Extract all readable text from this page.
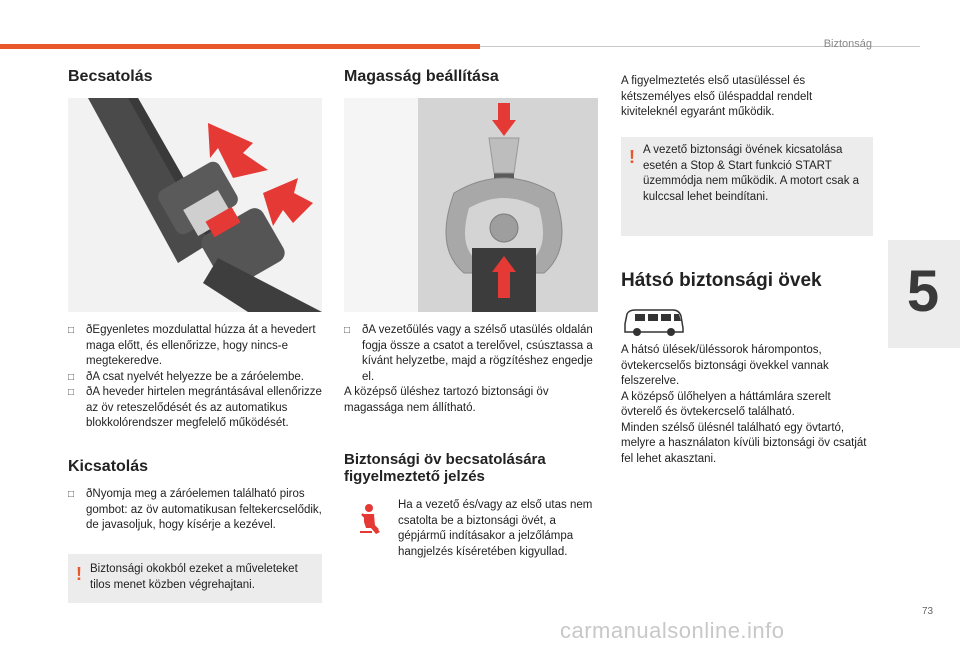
Biztonság
5
Becsatolás
ð □ Egyenletes mozdulattal húzza át a hevedert maga előtt, és ellenőrizze, hogy nincs-e megtekeredve.
ð □ A csat nyelvét helyezze be a záróelembe.
ð □ A heveder hirtelen megrántásával ellenőrizze az öv reteszelődését és az automatikus blokkolórendszer megfelelő működését.
Kicsatolás
ð □ Nyomja meg a záróelemen található piros gombot: az öv automatikusan feltekercselődik, de javasoljuk, hogy kísérje a kezével.
! Biztonsági okokból ezeket a műveleteket tilos menet közben végrehajtani.

Magasság beállítása
ð □ A vezetőülés vagy a szélső utasülés oldalán fogja össze a csatot a terelővel, csúsztassa a kívánt helyzetbe, majd a rögzítéshez engedje el.

A középső üléshez tartozó biztonsági öv magassága nem állítható.

Biztonsági öv becsatolására figyelmeztető jelzés

Ha a vezető és/vagy az első utas nem csatolta be a biztonsági övét, a gépjármű indításakor a jelzőlámpa hangjelzés kíséretében kigyullad.

A figyelmeztetés első utasüléssel és kétszemélyes első üléspaddal rendelt kivitеleknél egyaránt működik.

! A vezető biztonsági övének kicsatolása esetén a Stop & Start funkció START üzemmódja nem működik. A motort csak a kulccsal lehet beindítani.

Hátsó biztonsági övek

A hátsó ülések/üléssorok hárompontos, övtekercselős biztonsági övekkel vannak felszerelve.

A középső ülőhelyen a háttámlára szerelt övterelő és övtekercselő található.

Minden szélső ülésnél található egy övtartó, melyre a használaton kívüli biztonsági öv csatját fel lehet akasztani.

73
carmanualsonline.info
